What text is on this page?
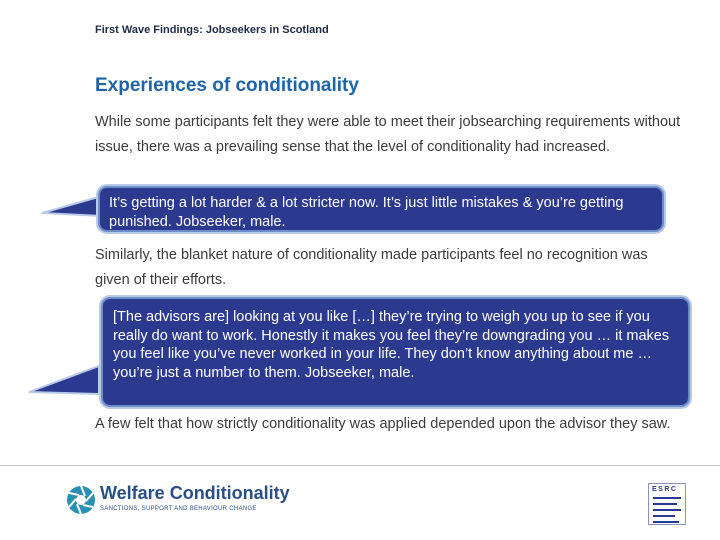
First Wave Findings: Jobseekers in Scotland
Experiences of conditionality
While some participants felt they were able to meet their jobsearching requirements without issue, there was a prevailing sense that the level of conditionality had increased.
It’s getting a lot harder & a lot stricter now. It’s just little mistakes & you’re getting punished. Jobseeker, male.
Similarly, the blanket nature of conditionality made participants feel no recognition was given of their efforts.
[The advisors are] looking at you like […] they’re trying to weigh you up to see if you really do want to work. Honestly it makes you feel they’re downgrading you … it makes you feel like you’ve never worked in your life. They don’t know anything about me … you’re just a number to them. Jobseeker, male.
A few felt that how strictly conditionality was applied depended upon the advisor they saw.
Welfare Conditionality
SANCTIONS, SUPPORT AND BEHAVIOUR CHANGE
ESRC
